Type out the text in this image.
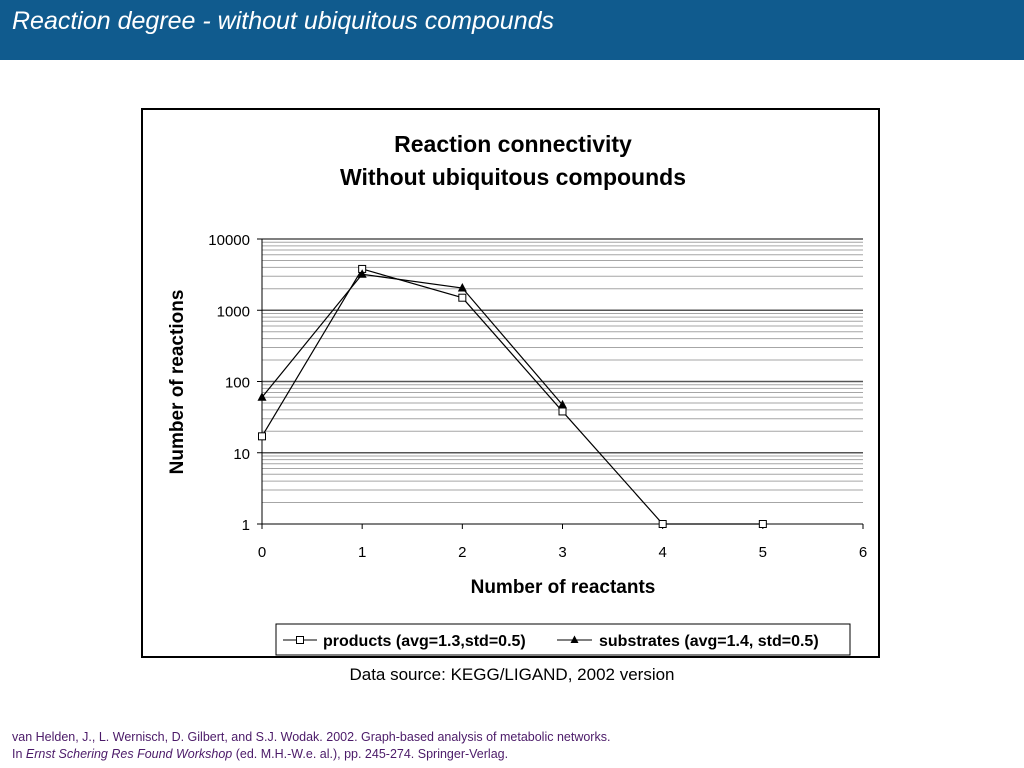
Reaction degree - without ubiquitous compounds
Reaction connectivity
Without ubiquitous compounds
1
10
100
1000
10000
0	1	2	3	4	5	6
Number of reactants
Number of reactions
products (avg=1.3,std=0.5)	substrates (avg=1.4, std=0.5)
Data source: KEGG/LIGAND, 2002 version
van Helden, J., L. Wernisch, D. Gilbert, and S.J. Wodak. 2002. Graph-based analysis of metabolic networks.
In Ernst Schering Res Found Workshop (ed. M.H.-W.e. al.), pp. 245-274. Springer-Verlag.
